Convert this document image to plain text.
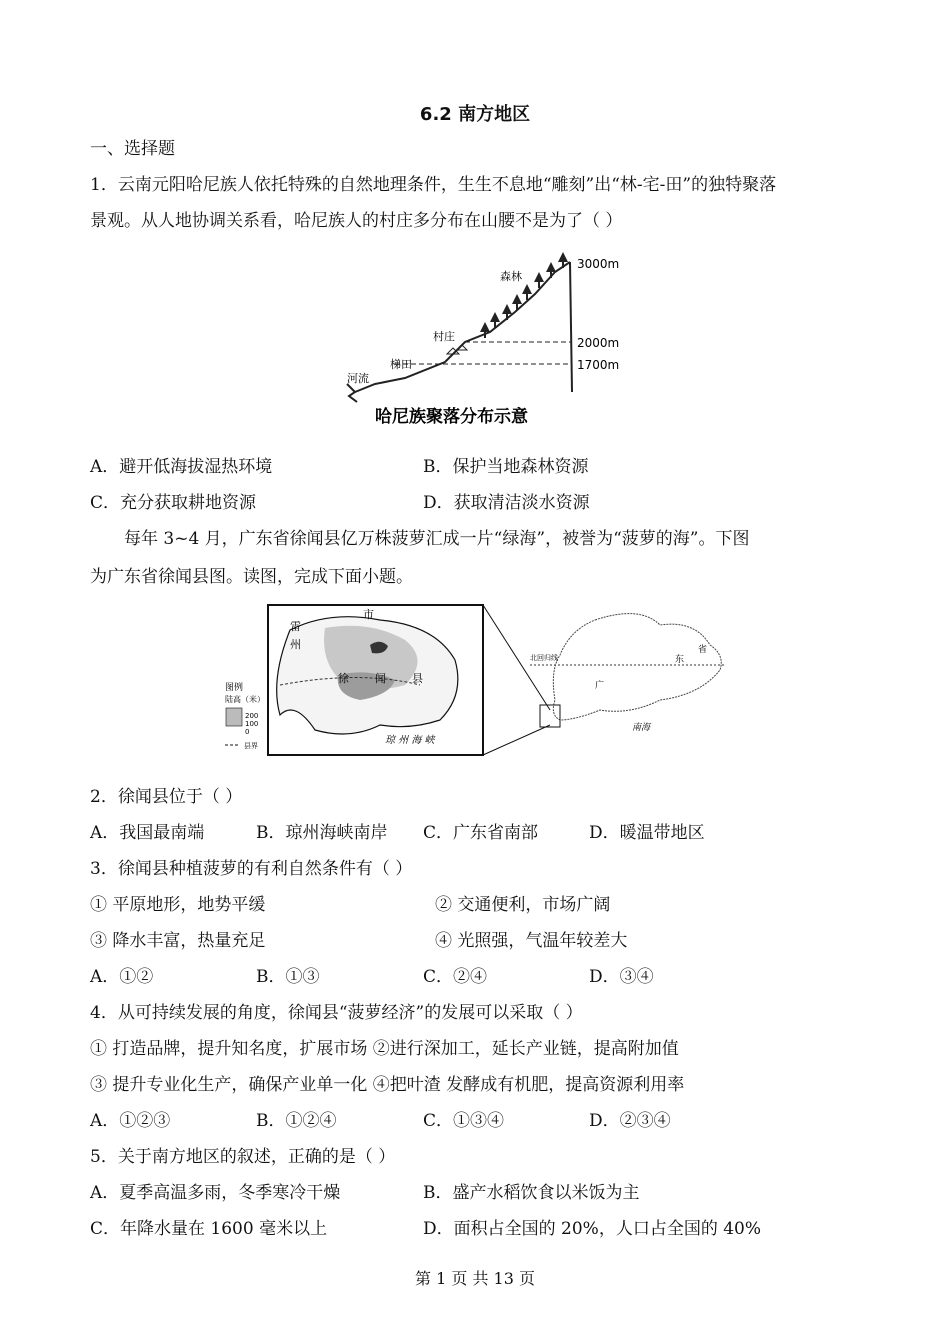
6.2 南方地区
一、选择题
1．云南元阳哈尼族人依托特殊的自然地理条件，生生不息地“雕刻”出“林-宅-田”的独特聚落
景观。从人地协调关系看，哈尼族人的村庄多分布在山腰不是为了（ ）
森林
村庄
梯田
河流
3000m
2000m
1700m
哈尼族聚落分布示意
A．避开低海拔湿热环境	B．保护当地森林资源
C．充分获取耕地资源	D．获取清洁淡水资源
每年 3~4 月，广东省徐闻县亿万株菠萝汇成一片“绿海”，被誉为“菠萝的海”。下图
为广东省徐闻县图。读图，完成下面小题。
雷
州
市
徐 闻 县
琼 州 海 峡
图例
陆高（米）
200
100
0
县界
北回归线
省
东
广
南海
2．徐闻县位于（ ）
A．我国最南端	B．琼州海峡南岸 C．广东省南部	D．暖温带地区
3．徐闻县种植菠萝的有利自然条件有（ ）
① 平原地形，地势平缓	② 交通便利，市场广阔
③ 降水丰富，热量充足	④ 光照强，气温年较差大
A．①②	B．①③	C．②④	D．③④
4．从可持续发展的角度，徐闻县“菠萝经济”的发展可以采取（ ）
① 打造品牌，提升知名度，扩展市场 ②进行深加工，延长产业链，提高附加值
③ 提升专业化生产，确保产业单一化 ④把叶渣 发酵成有机肥，提高资源利用率
A．①②③	B．①②④	C．①③④	D．②③④
5．关于南方地区的叙述，正确的是（ ）
A．夏季高温多雨，冬季寒冷干燥	B．盛产水稻饮食以米饭为主
C．年降水量在 1600 毫米以上	D．面积占全国的 20%，人口占全国的 40%
第 1 页 共 13 页
